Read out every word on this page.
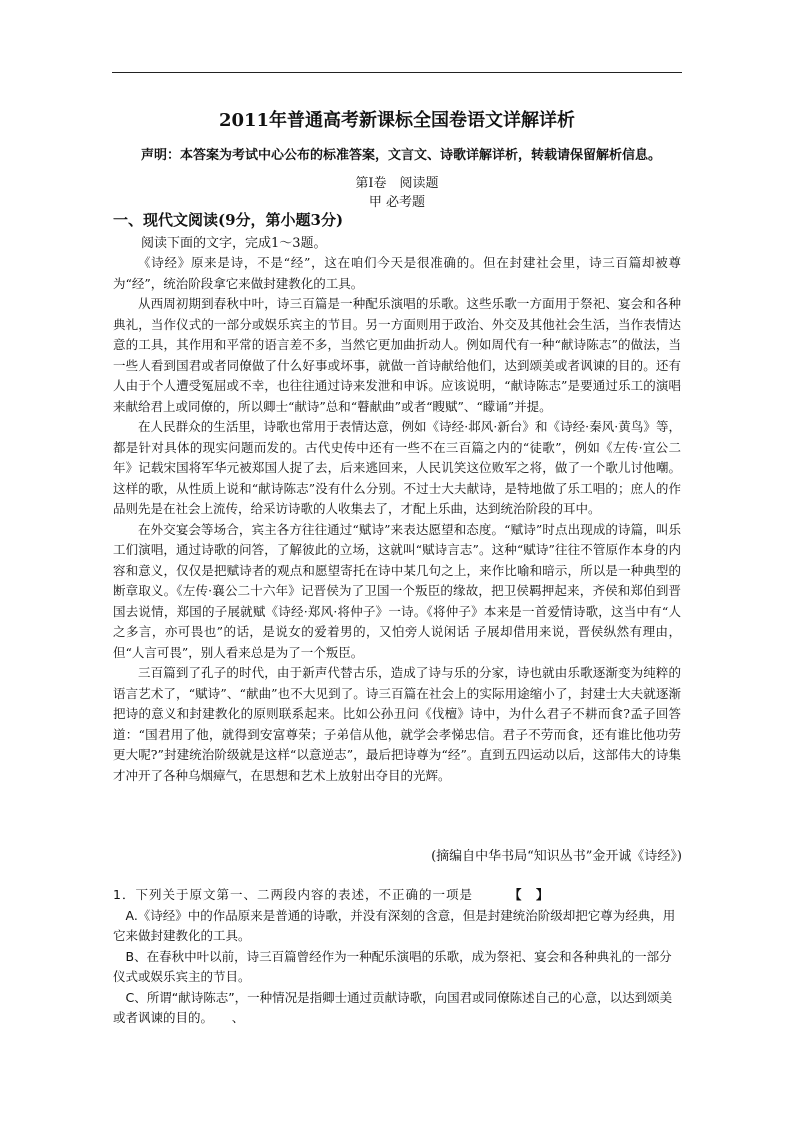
2011年普通高考新课标全国卷语文详解详析
声明：本答案为考试中心公布的标准答案，文言文、诗歌详解详析，转载请保留解析信息。
第Ⅰ卷　阅读题
甲 必考题
一、现代文阅读(9分，第小题3分)
阅读下面的文字，完成1～3题。

《诗经》原来是诗，不是“经”，这在咱们今天是很准确的。但在封建社会里，诗三百篇却被尊为“经”，统治阶段拿它来做封建教化的工具。

从西周初期到春秋中叶，诗三百篇是一种配乐演唱的乐歌。这些乐歌一方面用于祭祀、宴会和各种典礼，当作仪式的一部分或娱乐宾主的节目。另一方面则用于政治、外交及其他社会生活，当作表情达意的工具，其作用和平常的语言差不多，当然它更加曲折动人。例如周代有一种“献诗陈志”的做法，当一些人看到国君或者同僚做了什么好事或坏事，就做一首诗献给他们，达到颂美或者讽谏的目的。还有人由于个人遭受冤屈或不幸，也往往通过诗来发泄和申诉。应该说明，“献诗陈志”是要通过乐工的演唱来献给君上或同僚的，所以卿士“献诗”总和“瞽献曲”或者“瞍赋”、“矇诵”并提。

在人民群众的生活里，诗歌也常用于表情达意，例如《诗经·邶风·新台》和《诗经·秦风·黄鸟》等，都是针对具体的现实问题而发的。古代史传中还有一些不在三百篇之内的“徒歌”，例如《左传·宣公二年》记载宋国将军华元被郑国人捉了去，后来逃回来，人民讥笑这位败军之将，做了一个歌儿讨他嘲。这样的歌，从性质上说和“献诗陈志”没有什么分别。不过士大夫献诗，是特地做了乐工唱的；庶人的作品则先是在社会上流传，给采访诗歌的人收集去了，才配上乐曲，达到统治阶段的耳中。

在外交宴会等场合，宾主各方往往通过“赋诗”来表达愿望和态度。“赋诗”时点出现成的诗篇，叫乐工们演唱，通过诗歌的问答，了解彼此的立场，这就叫“赋诗言志”。这种“赋诗”往往不管原作本身的内容和意义，仅仅是把赋诗者的观点和愿望寄托在诗中某几句之上，来作比喻和暗示，所以是一种典型的断章取义。《左传·襄公二十六年》记晋侯为了卫国一个叛臣的缘故，把卫侯羁押起来，齐侯和郑伯到晋国去说情，郑国的子展就赋《诗经·郑风·将仲子》一诗。《将仲子》本来是一首爱情诗歌，这当中有“人之多言，亦可畏也”的话，是说女的爱着男的，又怕旁人说闲话 子展却借用来说，晋侯纵然有理由，但“人言可畏”，别人看来总是为了一个叛臣。

三百篇到了孔子的时代，由于新声代替古乐，造成了诗与乐的分家，诗也就由乐歌逐渐变为纯粹的语言艺术了，“赋诗”、“献曲”也不大见到了。诗三百篇在社会上的实际用途缩小了，封建士大夫就逐渐把诗的意义和封建教化的原则联系起来。比如公孙丑问《伐檀》诗中，为什么君子不耕而食?孟子回答道：“国君用了他，就得到安富尊荣；子弟信从他，就学会孝悌忠信。君子不劳而食，还有谁比他功劳更大呢?”封建统治阶级就是这样“以意逆志”，最后把诗尊为“经”。直到五四运动以后，这部伟大的诗集才冲开了各种乌烟瘴气，在思想和艺术上放射出夺目的光辉。

(摘编自中华书局“知识丛书”金开诚《诗经》)
1．下列关于原文第一、二两段内容的表述，不正确的一项是	【　】

A.《诗经》中的作品原来是普通的诗歌，并没有深刻的含意，但是封建统治阶级却把它尊为经典，用它来做封建教化的工具。

B、在春秋中叶以前，诗三百篇曾经作为一种配乐演唱的乐歌，成为祭祀、宴会和各种典礼的一部分仪式或娱乐宾主的节目。

C、所谓“献诗陈志”，一种情况是指卿士通过贡献诗歌，向国君或同僚陈述自己的心意，以达到颂美或者讽谏的目的。　　、
